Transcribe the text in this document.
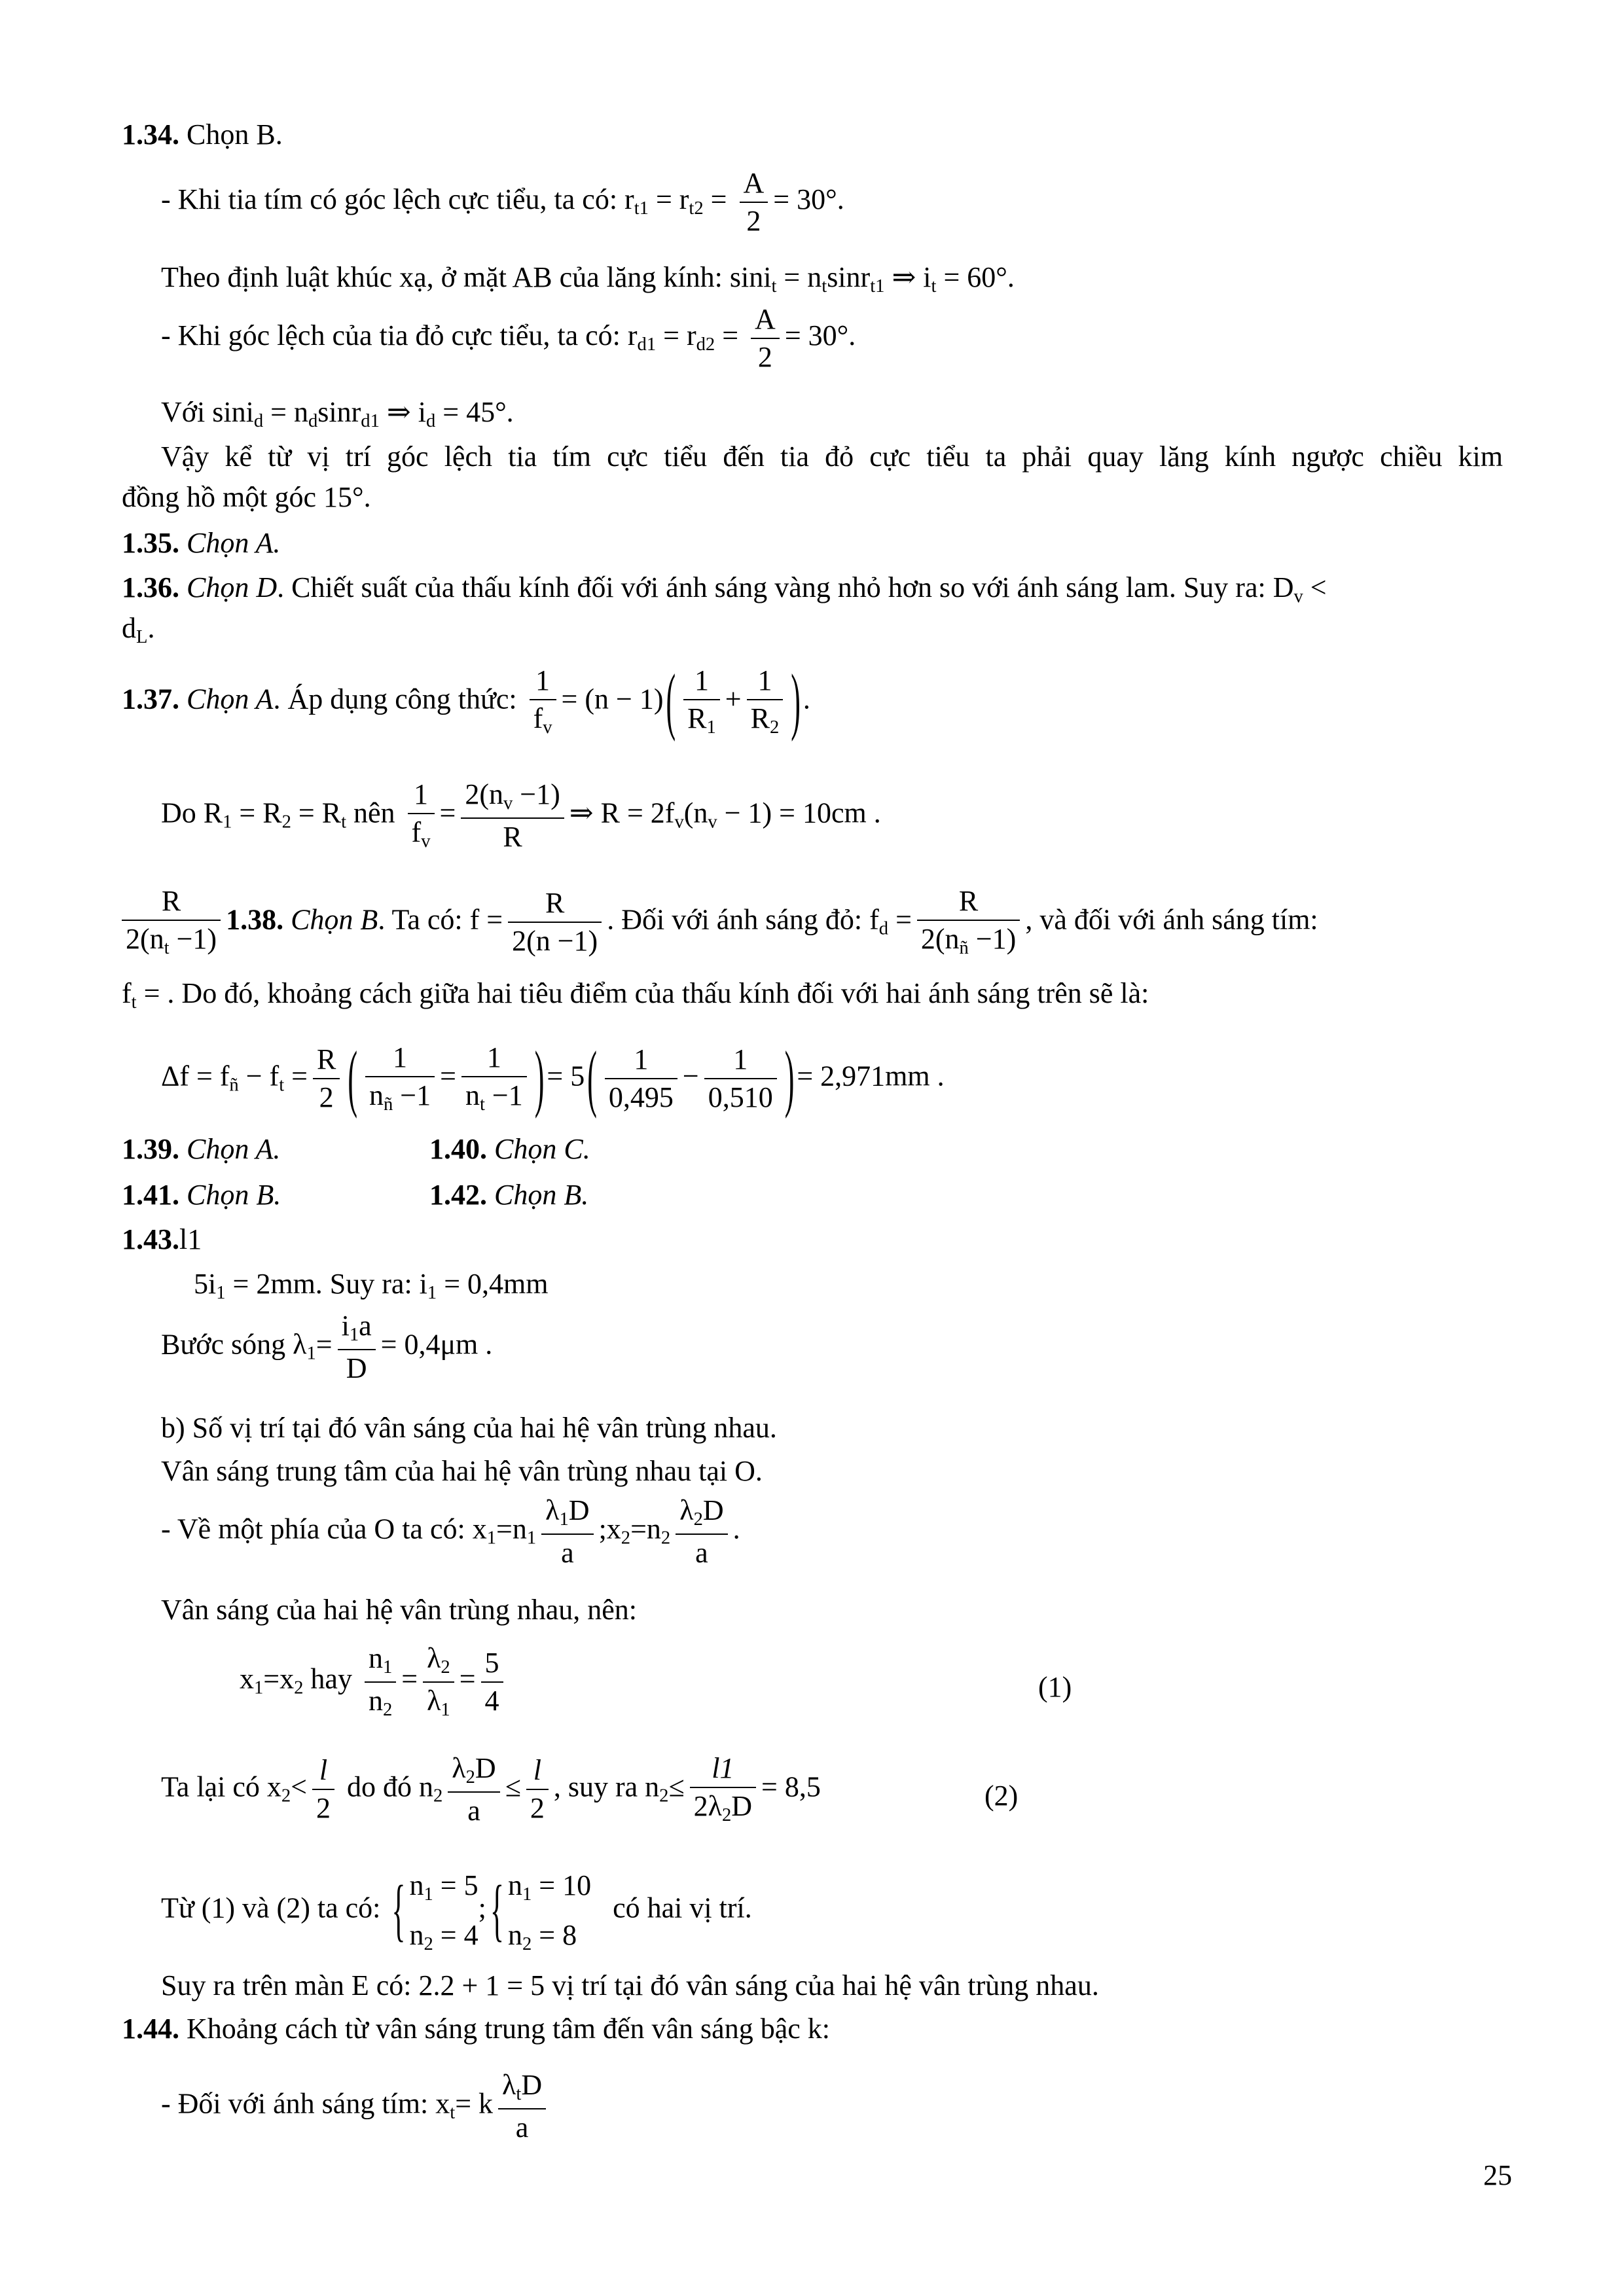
1.34. Chọn B.
- Khi tia tím có góc lệch cực tiểu, ta có: $r_{t1} = r_{t2} = \frac{A}{2} = 30^\circ$.
Theo định luật khúc xạ, ở mặt AB của lăng kính: $\sin i_t = n_t\sin r_{t1}$ ⇒ $i_t = 60^\circ$.
- Khi góc lệch của tia đỏ cực tiểu, ta có: $r_{d1} = r_{d2} = \frac{A}{2} = 30^\circ$.
Với $\sin i_d = n_d\sin r_{d1}$ ⇒ $i_d = 45^\circ$.
Vậy kể từ vị trí góc lệch tia tím cực tiểu đến tia đỏ cực tiểu ta phải quay lăng kính ngược chiều kim
đồng hồ một góc 15°.
1.35. Chọn A.
1.36. Chọn D. Chiết suất của thấu kính đối với ánh sáng vàng nhỏ hơn so với ánh sáng lam. Suy ra: $D_v$ <
$d_L$.
1.37. Chọn A. Áp dụng công thức: $\frac{1}{f_v} = (n - 1)( \frac{1}{R_1} + \frac{1}{R_2}$ ).
Do $R_1 = R_2 = R_t$ nên $\frac{1}{f_v} = \frac{2(n_v -1)}{R}$ ⇒ $R = 2f_v(n_v - 1) = 10cm$ .
$\frac{R}{2(n_t -1)} 1.38$. Chọn B. Ta có: $f = \frac{R}{2(n -1)}$ . Đối với ánh sáng đỏ: $f_d = \frac{R}{2(n_ñ -1)}$ , và đối với ánh sáng tím:
$f_t$ = . Do đó, khoảng cách giữa hai tiêu điểm của thấu kính đối với hai ánh sáng trên sẽ là:
$\Delta f = f_ñ - f_t = \frac{R}{2}$ ( $\frac{1}{n_ñ -1} = \frac{1}{n_t -1}$ )= $5( \frac{1}{0,495} - \frac{1}{0,510}$ )= 2,971mm .
1.39. Chọn A.	1.40. Chọn C.
1.41. Chọn B.	1.42. Chọn B.
1.43.l1
$5i_1 = 2mm$. Suy ra: $i_1 = 0,4mm$
Bước sóng $\lambda_1= \frac{i_1a}{D} = 0,4\mu m$ .
b) Số vị trí tại đó vân sáng của hai hệ vân trùng nhau.
Vân sáng trung tâm của hai hệ vân trùng nhau tại O.
- Về một phía của O ta có: $x_1=n_1 \frac{\lambda_1D}{a}$ $;x_2=n_2 \frac{\lambda_2D}{a}$ .
Vân sáng của hai hệ vân trùng nhau, nên:
$x_1=x_2$ hay $\frac{n_1}{n_2} = \frac{\lambda_2}{\lambda_1} = \frac{5}{4}$	(1)
Ta lại có $x_2< \frac{l}{2}$ do đó $n_2 \frac{\lambda_2D}{a} \le \frac{l}{2}$ , suy ra $n_2\le \frac{l1}{2\lambda_2D} = 8,5$	(2)
Từ (1) và (2) ta có: { $n_1 = 5$
$n_2 = 4$; { $n_1 = 10$
$n_2 = 8$   có hai vị trí.
Suy ra trên màn E có: 2.2 + 1 = 5 vị trí tại đó vân sáng của hai hệ vân trùng nhau.
1.44. Khoảng cách từ vân sáng trung tâm đến vân sáng bậc k:
- Đối với ánh sáng tím: $x_t= k \frac{\lambda_tD}{a}$
25
